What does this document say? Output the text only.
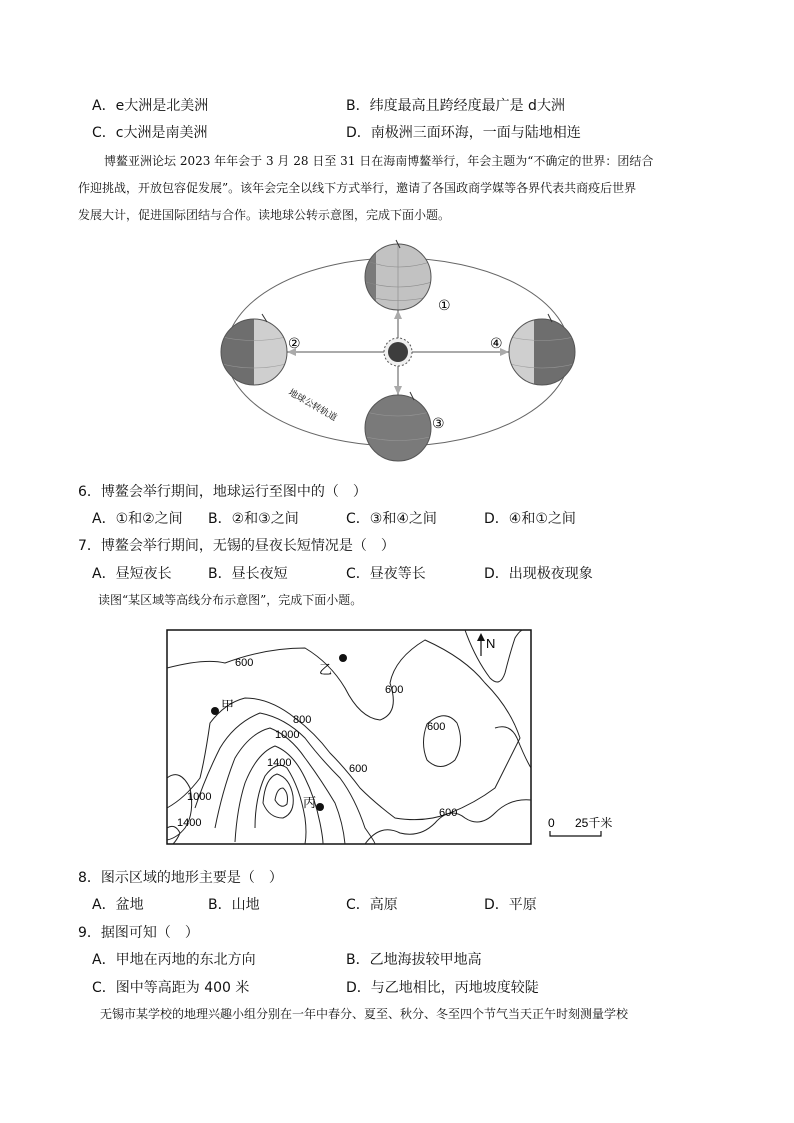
A．e大洲是北美洲	B．纬度最高且跨经度最广是 d大洲
C．c大洲是南美洲	D．南极洲三面环海，一面与陆地相连
博鳌亚洲论坛 2023 年年会于 3 月 28 日至 31 日在海南博鳌举行，年会主题为“不确定的世界：团结合
作迎挑战，开放包容促发展”。该年会完全以线下方式举行，邀请了各国政商学媒等各界代表共商疫后世界
发展大计，促进国际团结与合作。读地球公转示意图，完成下面小题。
①
②
③
④
地球公转轨道
6．博鳌会举行期间，地球运行至图中的（　）
A．①和②之间 B．②和③之间	C．③和④之间	D．④和①之间
7．博鳌会举行期间，无锡的昼夜长短情况是（　）
A．昼短夜长	B．昼长夜短	C．昼夜等长	D．出现极夜现象
读图“某区域等高线分布示意图”，完成下面小题。
600
600
600
800
1000
1400	600
1000
1400
600
甲
乙
丙
N
0 25千米
8．图示区域的地形主要是（　）
A．盆地	B．山地	C．高原	D．平原
9．据图可知（　）
A．甲地在丙地的东北方向	B．乙地海拔较甲地高
C．图中等高距为 400 米	D．与乙地相比，丙地坡度较陡
无锡市某学校的地理兴趣小组分别在一年中春分、夏至、秋分、冬至四个节气当天正午时刻测量学校
